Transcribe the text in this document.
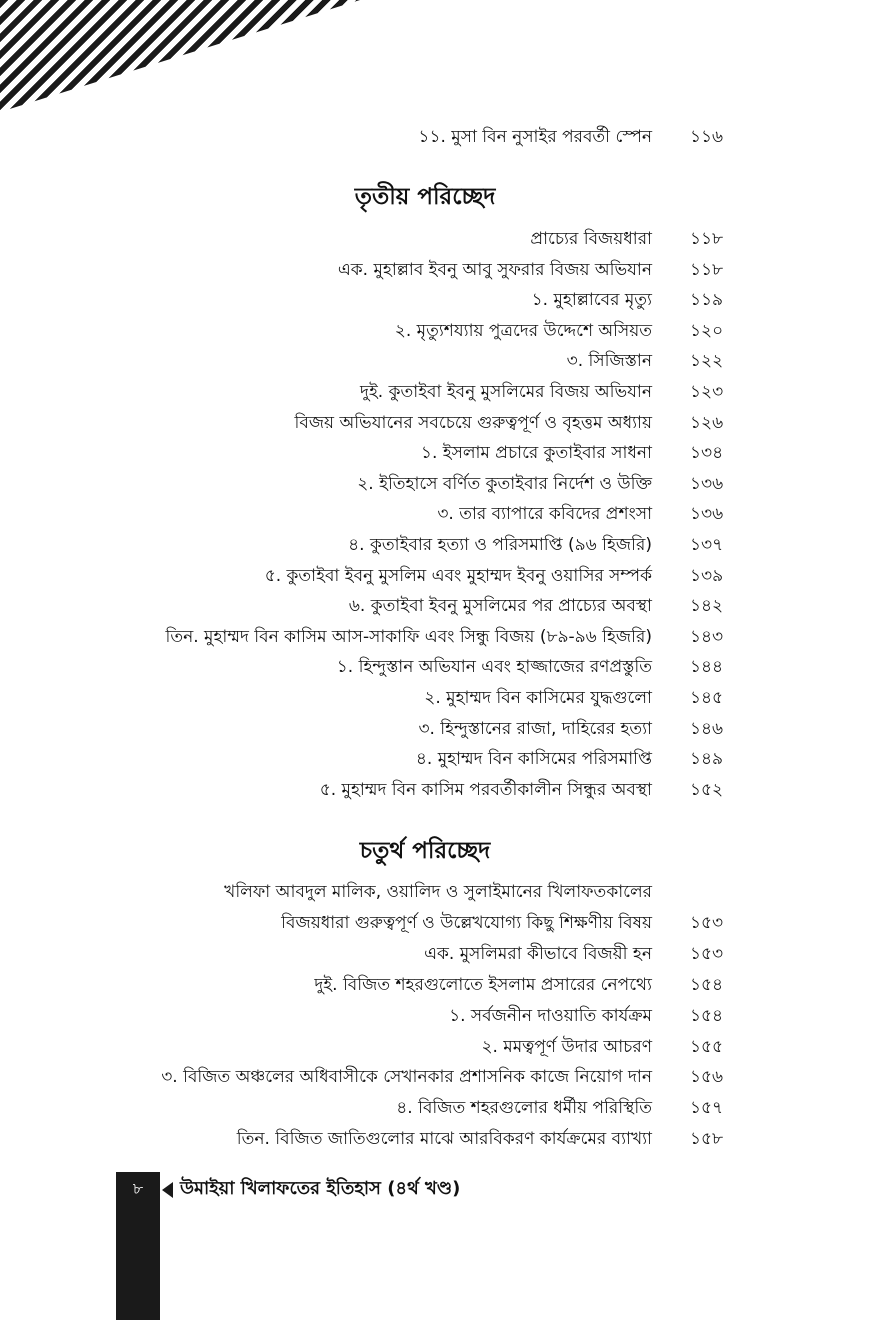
১১. মুসা বিন নুসাইর পরবর্তী স্পেন ১১৬
তৃতীয় পরিচ্ছেদ
প্রাচ্যের বিজয়ধারা ১১৮
এক. মুহাল্লাব ইবনু আবু সুফরার বিজয় অভিযান ১১৮
১. মুহাল্লাবের মৃত্যু ১১৯
২. মৃত্যুশয্যায় পুত্রদের উদ্দেশে অসিয়ত ১২০
৩. সিজিস্তান ১২২
দুই. কুতাইবা ইবনু মুসলিমের বিজয় অভিযান ১২৩
বিজয় অভিযানের সবচেয়ে গুরুত্বপূর্ণ ও বৃহত্তম অধ্যায় ১২৬
১. ইসলাম প্রচারে কুতাইবার সাধনা ১৩৪
২. ইতিহাসে বর্ণিত কুতাইবার নির্দেশ ও উক্তি ১৩৬
৩. তার ব্যাপারে কবিদের প্রশংসা ১৩৬
৪. কুতাইবার হত্যা ও পরিসমাপ্তি (৯৬ হিজরি) ১৩৭
৫. কুতাইবা ইবনু মুসলিম এবং মুহাম্মদ ইবনু ওয়াসির সম্পর্ক ১৩৯
৬. কুতাইবা ইবনু মুসলিমের পর প্রাচ্যের অবস্থা ১৪২
তিন. মুহাম্মদ বিন কাসিম আস-সাকাফি এবং সিন্ধু বিজয় (৮৯-৯৬ হিজরি) ১৪৩
১. হিন্দুস্তান অভিযান এবং হাজ্জাজের রণপ্রস্তুতি ১৪৪
২. মুহাম্মদ বিন কাসিমের যুদ্ধগুলো ১৪৫
৩. হিন্দুস্তানের রাজা, দাহিরের হত্যা ১৪৬
৪. মুহাম্মদ বিন কাসিমের পরিসমাপ্তি ১৪৯
৫. মুহাম্মদ বিন কাসিম পরবর্তীকালীন সিন্ধুর অবস্থা ১৫২
চতুর্থ পরিচ্ছেদ
খলিফা আবদুল মালিক, ওয়ালিদ ও সুলাইমানের খিলাফতকালের
বিজয়ধারা গুরুত্বপূর্ণ ও উল্লেখযোগ্য কিছু শিক্ষণীয় বিষয় ১৫৩
এক. মুসলিমরা কীভাবে বিজয়ী হন ১৫৩
দুই. বিজিত শহরগুলোতে ইসলাম প্রসারের নেপথ্যে ১৫৪
১. সর্বজনীন দাওয়াতি কার্যক্রম ১৫৪
২. মমত্বপূর্ণ উদার আচরণ ১৫৫
৩. বিজিত অঞ্চলের অধিবাসীকে সেখানকার প্রশাসনিক কাজে নিয়োগ দান ১৫৬
৪. বিজিত শহরগুলোর ধর্মীয় পরিস্থিতি ১৫৭
তিন. বিজিত জাতিগুলোর মাঝে আরবিকরণ কার্যক্রমের ব্যাখ্যা ১৫৮
৮	উমাইয়া খিলাফতের ইতিহাস (৪র্থ খণ্ড)
